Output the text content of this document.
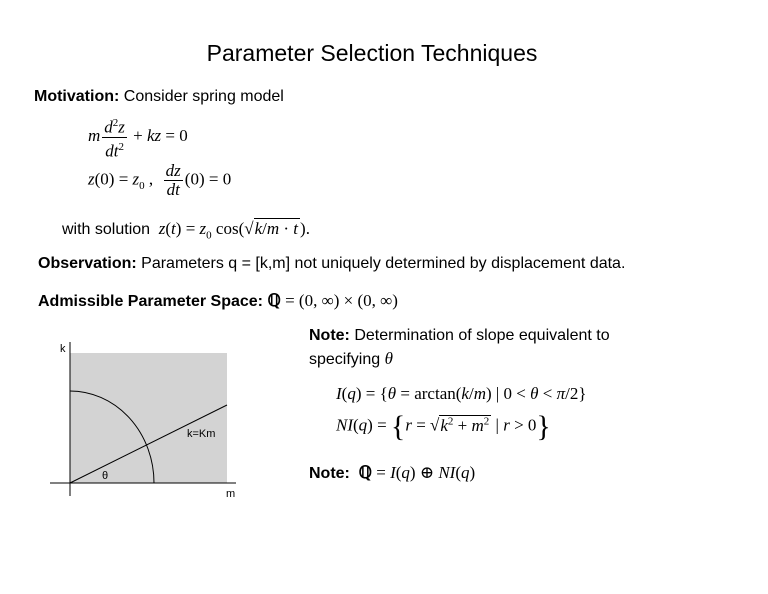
Parameter Selection Techniques
Motivation: Consider spring model
m $\frac{d^2z}{dt^2}$ + kz = 0
$z(0) = z_0$ , $\frac{dz}{dt} (0) = 0$
with solution $z(t) = z_0$ cos(√k/m · t ).
Observation: Parameters q = [k,m] not uniquely determined by displacement data.
Admissible Parameter Space: ℚ = (0, ∞) × (0, ∞)
Note: Determination of slope equivalent to
specifying θ
I(q) = {θ = arctan(k/m) | 0 < θ < π/2}
$NI(q) = \{r = √k^2 + m^2$ | r > 0}
Note: ℚ = I(q) ⊕ NI(q)
k
m
k=Km
θ
